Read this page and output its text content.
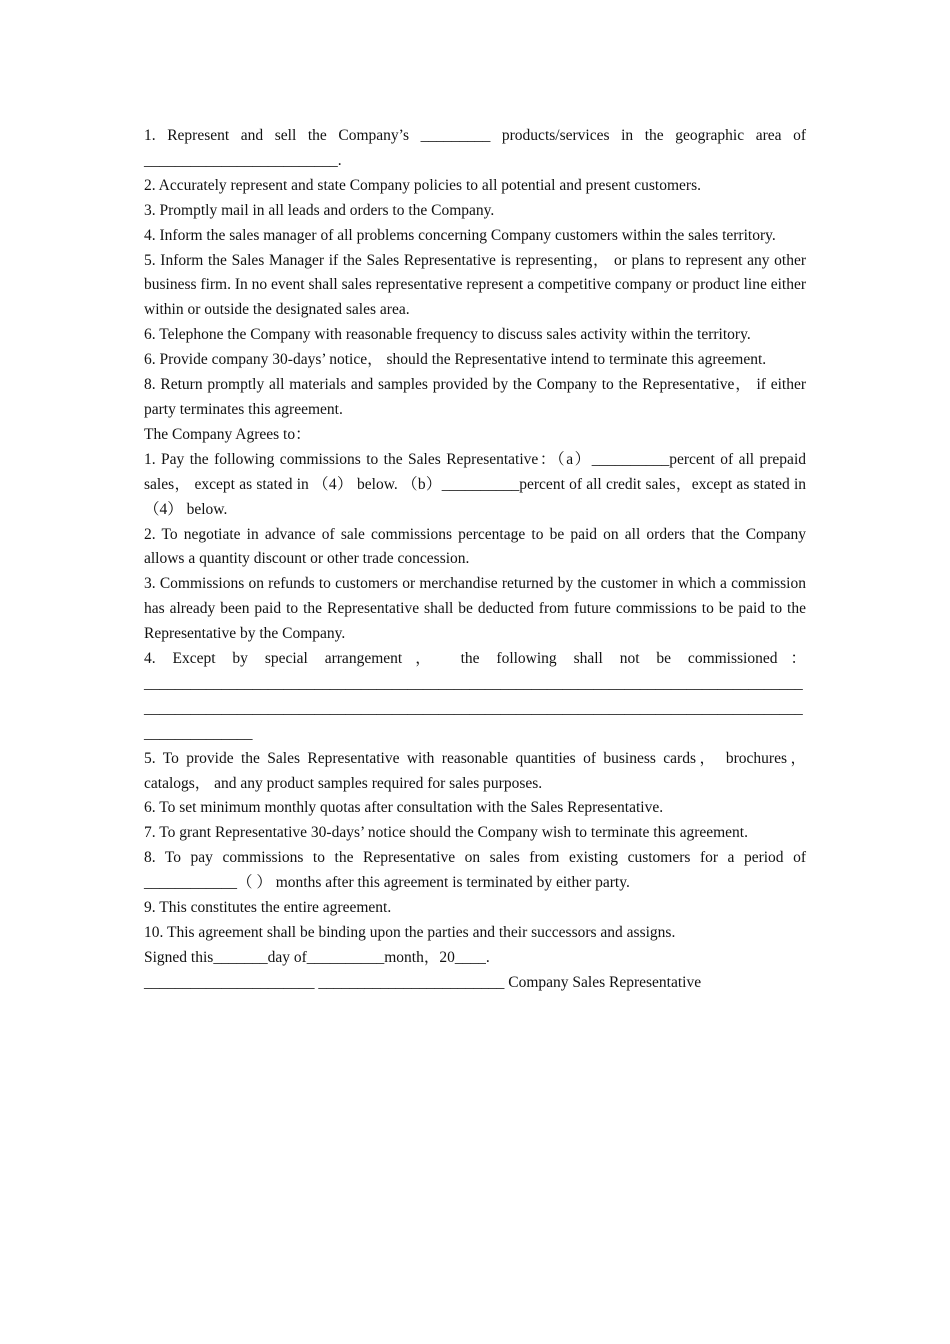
1. Represent and sell the Company’s _________ products/services in the geographic area of _________________________.

2. Accurately represent and state Company policies to all potential and present customers.

3. Promptly mail in all leads and orders to the Company.

4. Inform the sales manager of all problems concerning Company customers within the sales territory.

5. Inform the Sales Manager if the Sales Representative is representing， or plans to represent any other business firm. In no event shall sales representative represent a competitive company or product line either within or outside the designated sales area.

6. Telephone the Company with reasonable frequency to discuss sales activity within the territory.

6. Provide company 30-days’ notice， should the Representative intend to terminate this agreement.

8. Return promptly all materials and samples provided by the Company to the Representative， if either party terminates this agreement.

The Company Agrees to：

1. Pay the following commissions to the Sales Representative：（a）__________percent of all prepaid sales， except as stated in （4） below. （b）__________percent of all credit sales，except as stated in （4） below.

2. To negotiate in advance of sale commissions percentage to be paid on all orders that the Company allows a quantity discount or other trade concession.

3. Commissions on refunds to customers or merchandise returned by the customer in which a commission has already been paid to the Representative shall be deducted from future commissions to be paid to the Representative by the Company.

4. Except by special arrangement， the following shall not be commissioned：________________________________________________________________________________________________________________________________________________________________________________________

5. To provide the Sales Representative with reasonable quantities of business cards， brochures，catalogs， and any product samples required for sales purposes.

6. To set minimum monthly quotas after consultation with the Sales Representative.

7. To grant Representative 30-days’ notice should the Company wish to terminate this agreement.

8. To pay commissions to the Representative on sales from existing customers for a period of ____________（ ） months after this agreement is terminated by either party.

9. This constitutes the entire agreement.

10. This agreement shall be binding upon the parties and their successors and assigns.

Signed this_______day of__________month，20____.

______________________ ________________________ Company Sales Representative
